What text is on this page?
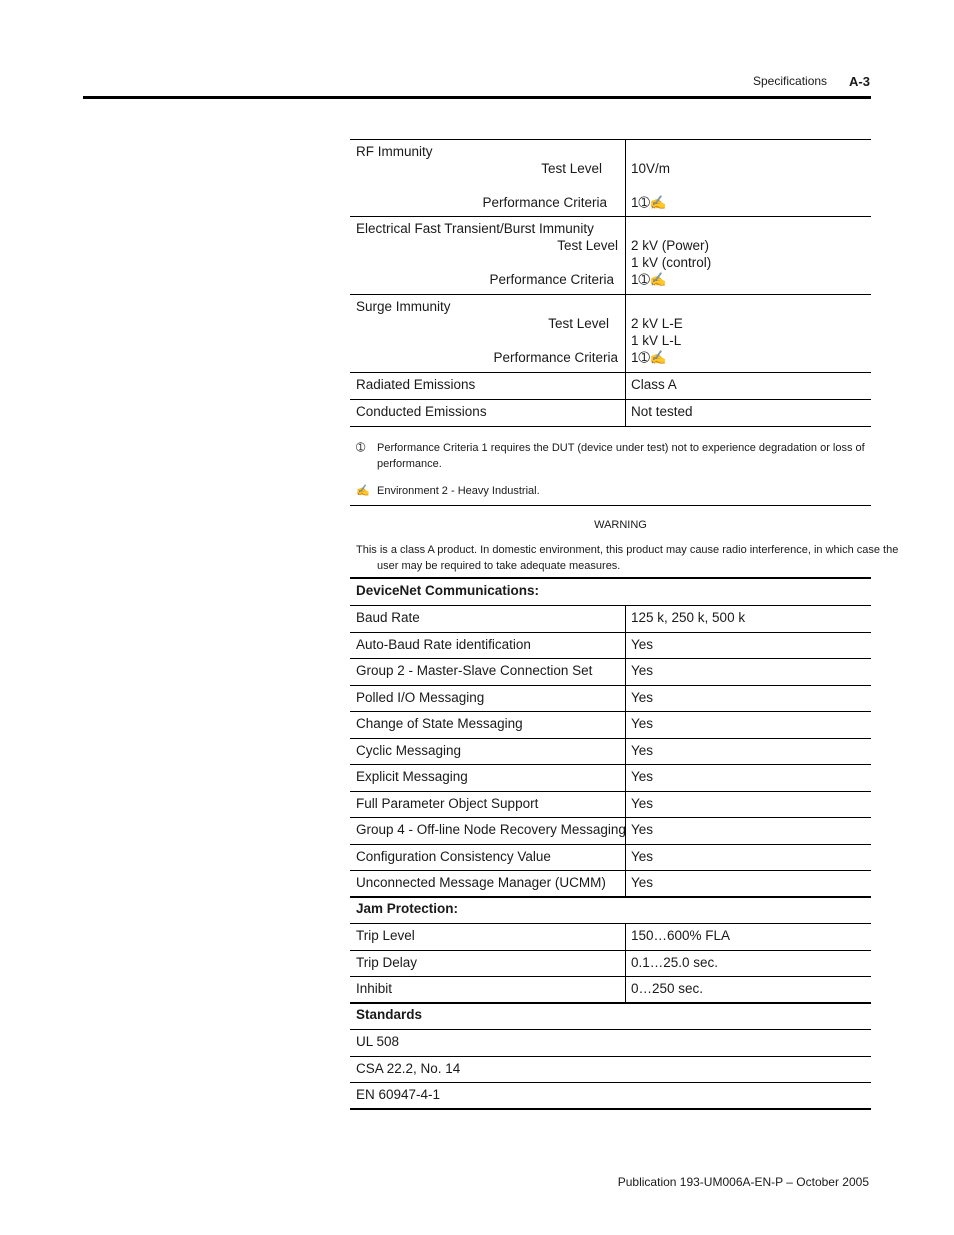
Specifications A-3
RF Immunity
Test Level 10V/m
Performance Criteria 1➀✍
Electrical Fast Transient/Burst Immunity
Test Level 2 kV (Power)
1 kV (control)
Performance Criteria 1➀✍
Surge Immunity
Test Level 2 kV L-E
1 kV L-L
Performance Criteria 1➀✍
Radiated Emissions	Class A
Conducted Emissions	Not tested
➀ Performance Criteria 1 requires the DUT (device under test) not to experience degradation or loss of
performance.
✍ Environment 2 - Heavy Industrial.
WARNING
This is a class A product. In domestic environment, this product may cause radio interference, in which case the
user may be required to take adequate measures.
DeviceNet Communications:
Baud Rate	125 k, 250 k, 500 k
Auto-Baud Rate identification	Yes
Group 2 - Master-Slave Connection Set	Yes
Polled I/O Messaging	Yes
Change of State Messaging	Yes
Cyclic Messaging	Yes
Explicit Messaging	Yes
Full Parameter Object Support	Yes
Group 4 - Off-line Node Recovery Messaging Yes
Configuration Consistency Value	Yes
Unconnected Message Manager (UCMM) Yes
Jam Protection:
Trip Level	150…600% FLA
Trip Delay	0.1…25.0 sec.
Inhibit	0…250 sec.
Standards
UL 508
CSA 22.2, No. 14
EN 60947-4-1
Publication 193-UM006A-EN-P – October 2005
